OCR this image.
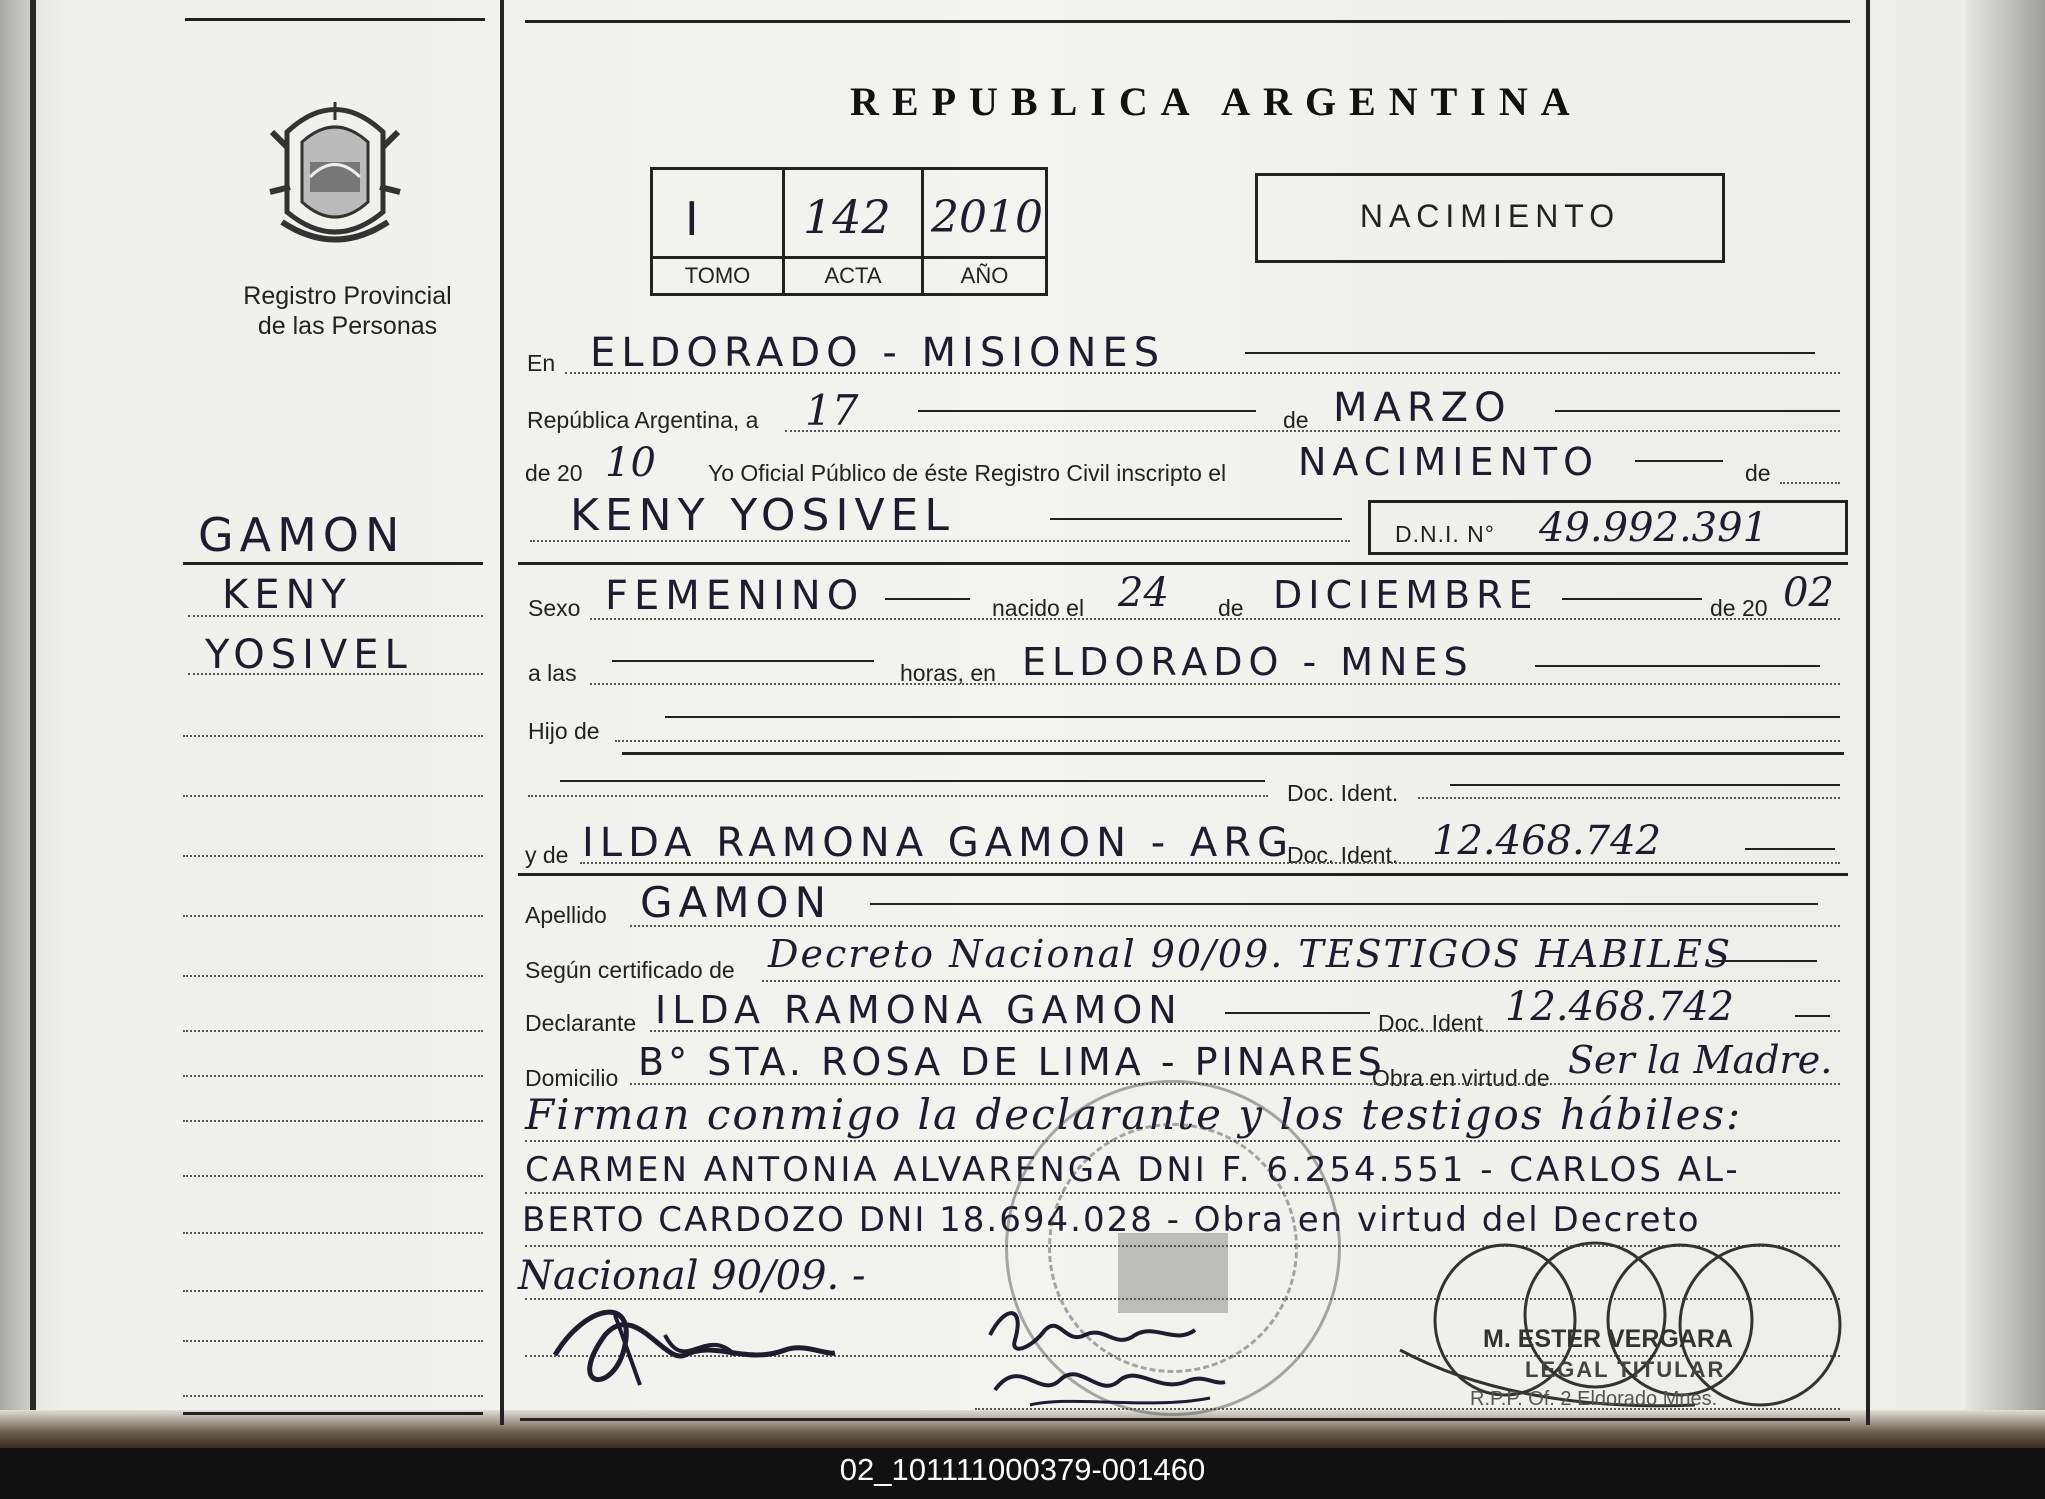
Registro Provincial
de las Personas
GAMON
KENY
YOSIVEL
REPUBLICA ARGENTINA
I 142 2010
TOMO	ACTA	AÑO
NACIMIENTO
En ELDORADO - MISIONES
República Argentina, a 17	de MARZO
de 20 10 Yo Oficial Público de éste Registro Civil inscripto el NACIMIENTO	de
KENY YOSIVEL	D.N.I. N° 49.992.391
Sexo FEMENINO	nacido el 24 de DICIEMBRE	de 20 02
a las	horas, en ELDORADO - MNES
Hijo de
Doc. Ident.
y de ILDA RAMONA GAMON - ARG
Doc. Ident. 12.468.742
Apellido GAMON
Según certificado de Decreto Nacional 90/09. TESTIGOS HABILES
Declarante ILDA RAMONA GAMON	Doc. Ident 12.468.742
Domicilio B° STA. ROSA DE LIMA - PINARES
Obra en virtud de Ser la Madre.
Firman conmigo la declarante y los testigos hábiles:
CARMEN ANTONIA ALVARENGA DNI F. 6.254.551 - CARLOS AL-
BERTO CARDOZO DNI 18.694.028 - Obra en virtud del Decreto
Nacional 90/09. -
M. ESTER VERGARA
LEGAL TITULAR
R.P.P. Of. 2 Eldorado Mnes.
02_101111000379-001460
